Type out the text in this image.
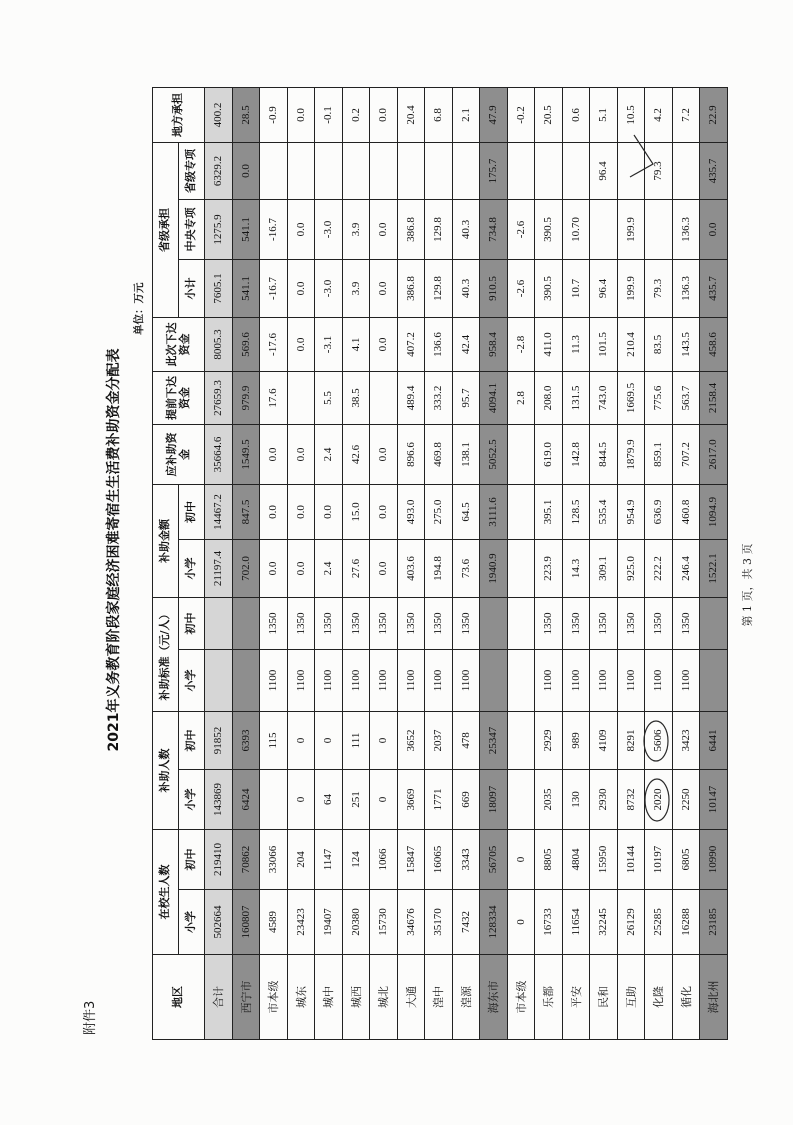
附件3
2021年义务教育阶段家庭经济困难寄宿生生活费补助资金分配表
单位：万元
地区	在校生人数		补助人数		补助标准（元/人）		补助金额		应补助资金	提前下达资金	此次下达资金	省级承担			地方承担
	小学	初中	小学	初中	小学	初中	小学	初中				小计	中央专项	省级专项	
合计	502664	219410	143869	91852			21197.4	14467.2	35664.6	27659.3	8005.3	7605.1	1275.9	6329.2	400.2
西宁市	160807	70862	6424	6393			702.0	847.5	1549.5	979.9	569.6	541.1	541.1	0.0	28.5
市本级	4589	33066		115	1100	1350	0.0	0.0	0.0	17.6	-17.6	-16.7	-16.7		-0.9
城东	23423	204	0	0	1100	1350	0.0	0.0	0.0		0.0	0.0	0.0		0.0
城中	19407	1147	64	0	1100	1350	2.4	0.0	2.4	5.5	-3.1	-3.0	-3.0		-0.1
城西	20380	124	251	111	1100	1350	27.6	15.0	42.6	38.5	4.1	3.9	3.9		0.2
城北	15730	1066	0	0	1100	1350	0.0	0.0	0.0		0.0	0.0	0.0		0.0
大通	34676	15847	3669	3652	1100	1350	403.6	493.0	896.6	489.4	407.2	386.8	386.8		20.4
湟中	35170	16065	1771	2037	1100	1350	194.8	275.0	469.8	333.2	136.6	129.8	129.8		6.8
湟源	7432	3343	669	478	1100	1350	73.6	64.5	138.1	95.7	42.4	40.3	40.3		2.1
海东市	128334	56705	18097	25347			1940.9	3111.6	5052.5	4094.1	958.4	910.5	734.8	175.7	47.9
市本级	0	0								2.8	-2.8	-2.6	-2.6		-0.2
乐都	16733	8805	2035	2929	1100	1350	223.9	395.1	619.0	208.0	411.0	390.5	390.5		20.5
平安	11654	4804	130	989	1100	1350	14.3	128.5	142.8	131.5	11.3	10.7	10.70		0.6
民和	32245	15950	2930	4109	1100	1350	309.1	535.4	844.5	743.0	101.5	96.4		96.4	5.1
互助	26129	10144	8732	8291	1100	1350	925.0	954.9	1879.9	1669.5	210.4	199.9	199.9		10.5
化隆	25285	10197	2020	5606	1100	1350	222.2	636.9	859.1	775.6	83.5	79.3		79.3	4.2
循化	16288	6805	2250	3423	1100	1350	246.4	460.8	707.2	563.7	143.5	136.3	136.3		7.2
海北州	23185	10990	10147	6441			1522.1	1094.9	2617.0	2158.4	458.6	435.7	0.0	435.7	22.9
第 1 页，共 3 页
